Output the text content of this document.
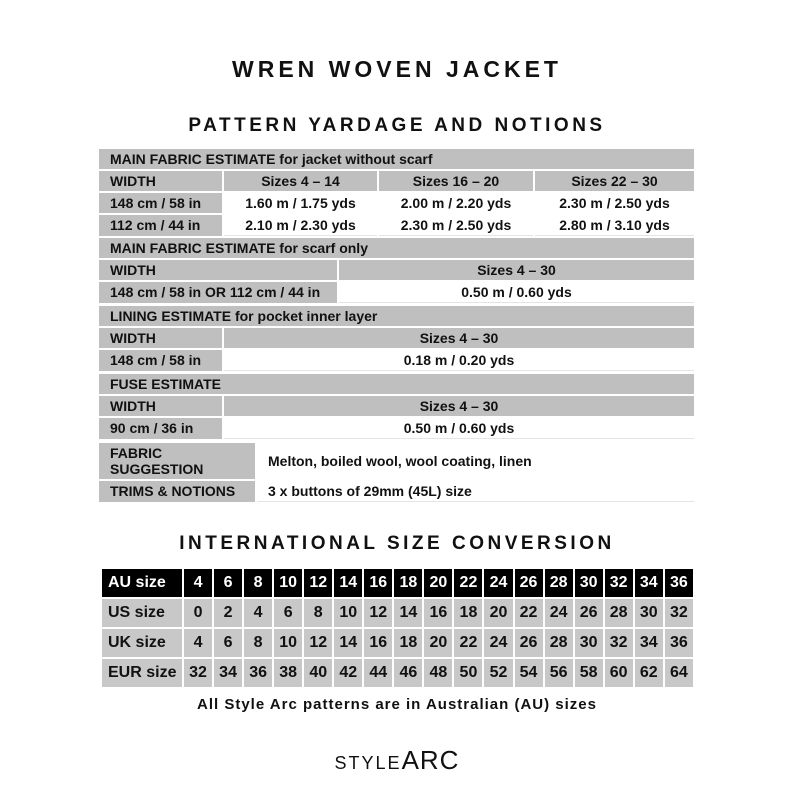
WREN WOVEN JACKET
PATTERN YARDAGE AND NOTIONS
MAIN FABRIC ESTIMATE for jacket without scarf			
WIDTH	Sizes 4 – 14	Sizes 16 – 20	Sizes 22 – 30
148 cm / 58 in	1.60 m / 1.75 yds	2.00 m / 2.20 yds	2.30 m / 2.50 yds
112 cm / 44 in	2.10 m / 2.30 yds	2.30 m / 2.50 yds	2.80 m / 3.10 yds
MAIN FABRIC ESTIMATE for scarf only	
WIDTH	Sizes 4 – 30
148 cm / 58 in OR 112 cm / 44 in	0.50 m / 0.60 yds
LINING ESTIMATE for pocket inner layer	
WIDTH	Sizes 4 – 30
148 cm / 58 in	0.18 m / 0.20 yds
FUSE ESTIMATE	
WIDTH	Sizes 4 – 30
90 cm / 36 in	0.50 m / 0.60 yds
FABRIC
SUGGESTION	Melton, boiled wool, wool coating, linen
TRIMS & NOTIONS	3 x buttons of 29mm (45L) size
INTERNATIONAL SIZE CONVERSION
AU size	4	6	8	10	12	14	16	18	20	22	24	26	28	30	32	34	36
US size	0	2	4	6	8	10	12	14	16	18	20	22	24	26	28	30	32
UK size	4	6	8	10	12	14	16	18	20	22	24	26	28	30	32	34	36
EUR size	32	34	36	38	40	42	44	46	48	50	52	54	56	58	60	62	64
All Style Arc patterns are in Australian (AU) sizes
STYLEARC
